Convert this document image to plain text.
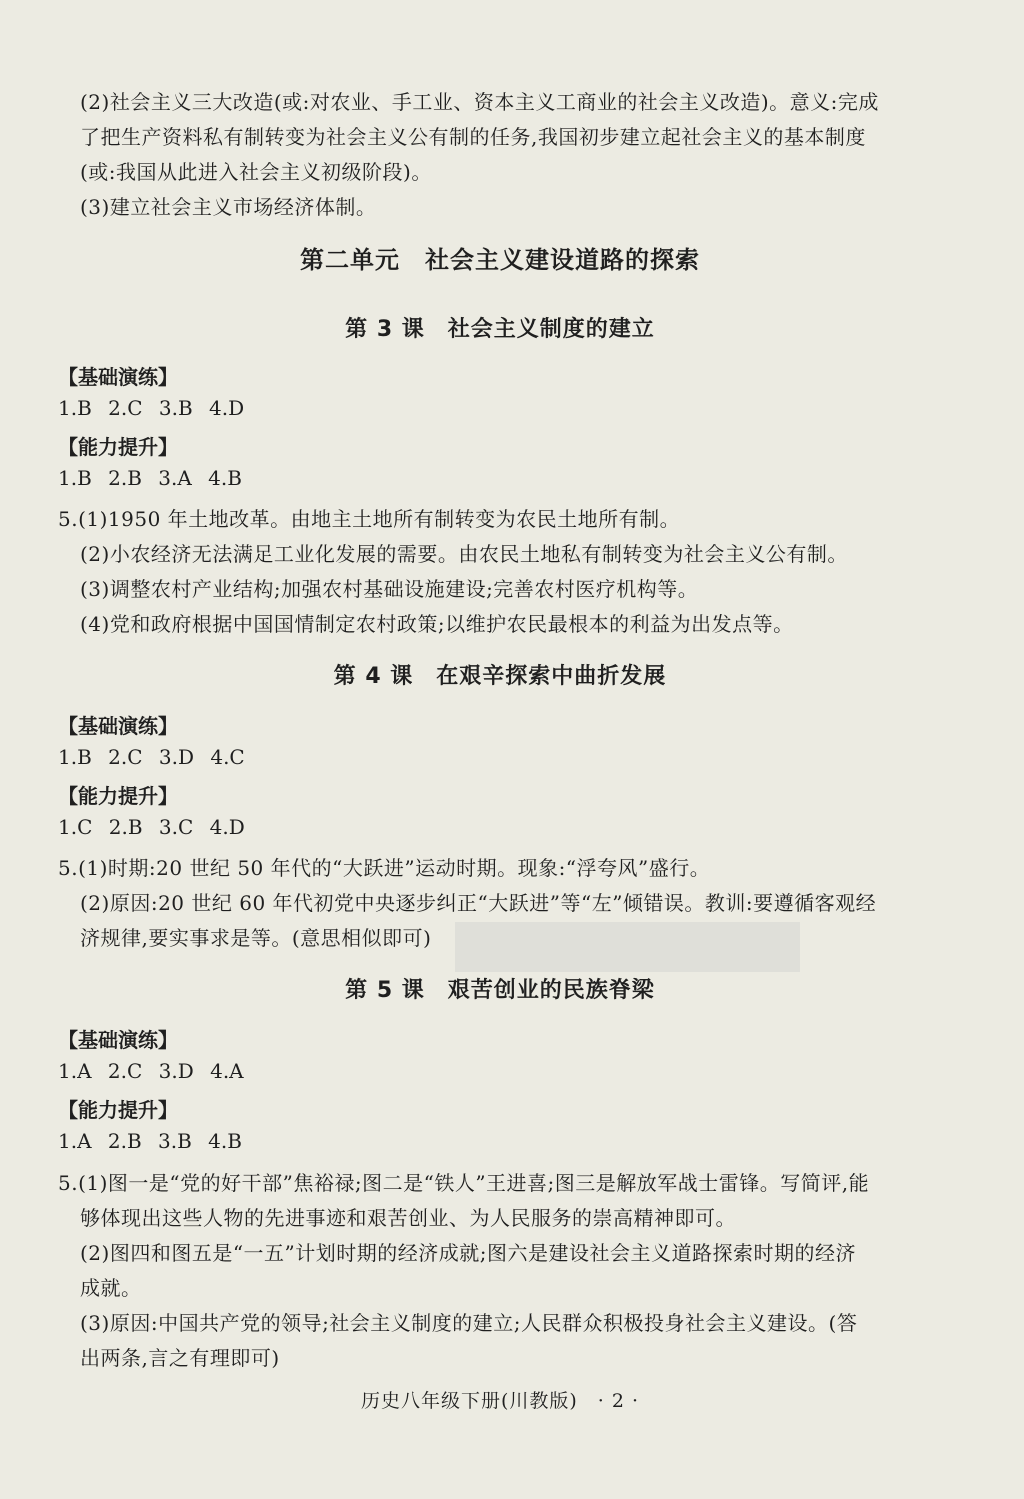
(2)社会主义三大改造(或:对农业、手工业、资本主义工商业的社会主义改造)。意义:完成
了把生产资料私有制转变为社会主义公有制的任务,我国初步建立起社会主义的基本制度
(或:我国从此进入社会主义初级阶段)。
(3)建立社会主义市场经济体制。
第二单元　社会主义建设道路的探索
第 3 课　社会主义制度的建立
【基础演练】
1.B 2.C 3.B 4.D
【能力提升】
1.B 2.B 3.A 4.B
5.(1)1950 年土地改革。由地主土地所有制转变为农民土地所有制。
(2)小农经济无法满足工业化发展的需要。由农民土地私有制转变为社会主义公有制。
(3)调整农村产业结构;加强农村基础设施建设;完善农村医疗机构等。
(4)党和政府根据中国国情制定农村政策;以维护农民最根本的利益为出发点等。
第 4 课　在艰辛探索中曲折发展
【基础演练】
1.B 2.C 3.D 4.C
【能力提升】
1.C 2.B 3.C 4.D
5.(1)时期:20 世纪 50 年代的“大跃进”运动时期。现象:“浮夸风”盛行。
(2)原因:20 世纪 60 年代初党中央逐步纠正“大跃进”等“左”倾错误。教训:要遵循客观经
济规律,要实事求是等。(意思相似即可)
第 5 课　艰苦创业的民族脊梁
【基础演练】
1.A 2.C 3.D 4.A
【能力提升】
1.A 2.B 3.B 4.B
5.(1)图一是“党的好干部”焦裕禄;图二是“铁人”王进喜;图三是解放军战士雷锋。写简评,能
够体现出这些人物的先进事迹和艰苦创业、为人民服务的崇高精神即可。
(2)图四和图五是“一五”计划时期的经济成就;图六是建设社会主义道路探索时期的经济
成就。
(3)原因:中国共产党的领导;社会主义制度的建立;人民群众积极投身社会主义建设。(答
出两条,言之有理即可)
历史八年级下册(川教版)　· 2 ·
